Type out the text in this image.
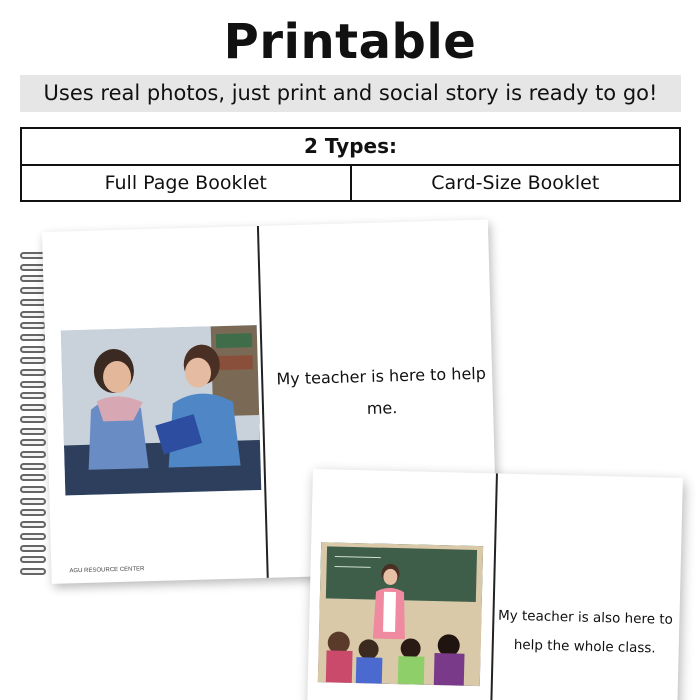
Printable
Uses real photos, just print and social story is ready to go!
2 Types:
Full Page Booklet	Card-Size Booklet
My teacher is here to help me.
AGU RESOURCE CENTER
My teacher is also here to help the whole class.
